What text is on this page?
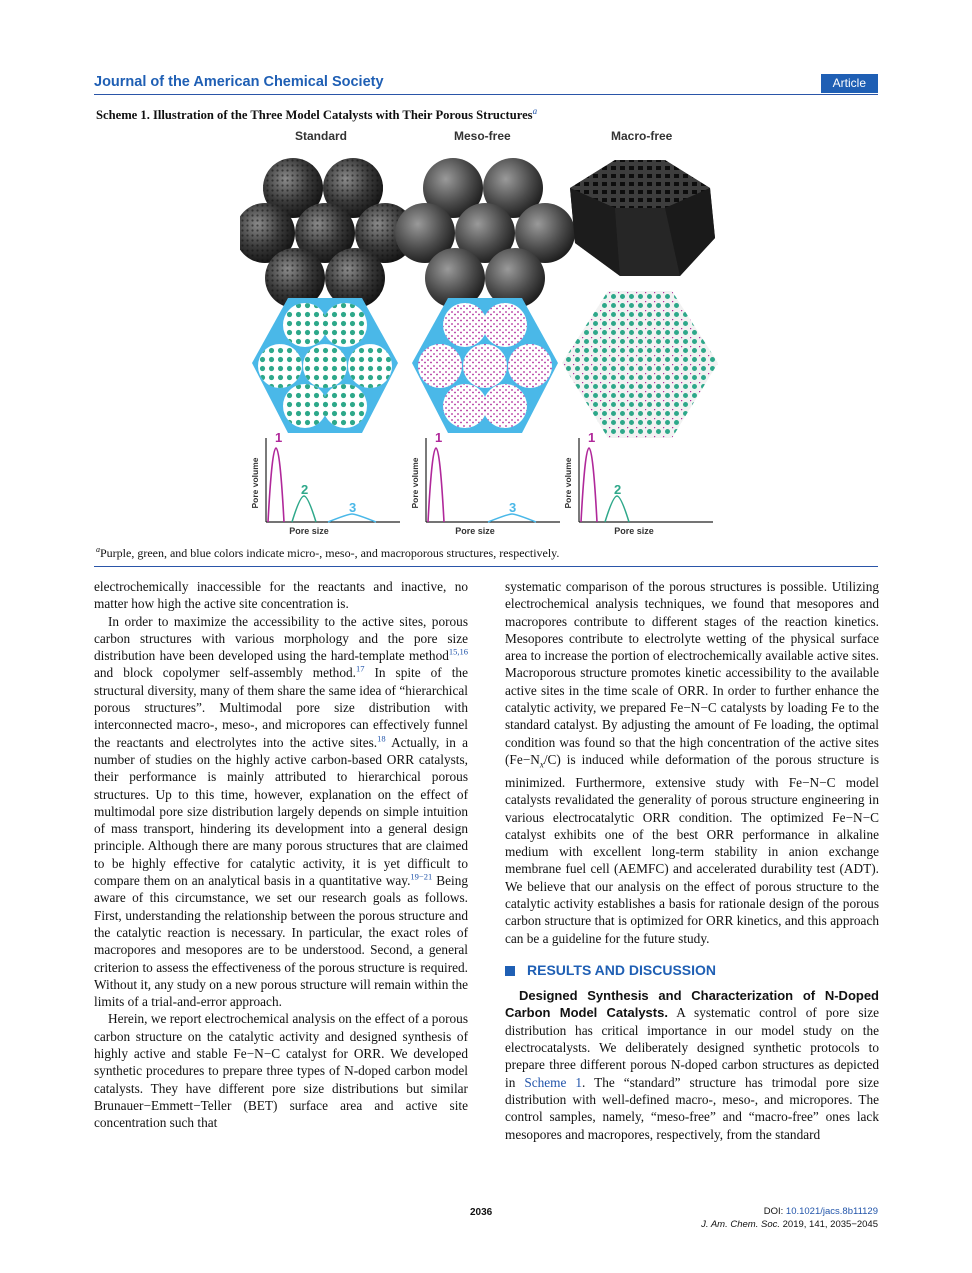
Journal of the American Chemical Society	Article
Scheme 1. Illustration of the Three Model Catalysts with Their Porous Structures$^a$
Standard	Meso-free	Macro-free
Pore volume	Pore volume	Pore volume
Pore size	Pore size	Pore size
1
2
3
1
3
1
2
$^a$Purple, green, and blue colors indicate micro-, meso-, and macroporous structures, respectively.

electrochemically inaccessible for the reactants and inactive, no matter how high the active site concentration is.

In order to maximize the accessibility to the active sites, porous carbon structures with various morphology and the pore size distribution have been developed using the hard-template method$^{15,16}$ and block copolymer self-assembly method.$^{17}$ In spite of the structural diversity, many of them share the same idea of “hierarchical porous structures”. Multimodal pore size distribution with interconnected macro-, meso-, and micropores can effectively funnel the reactants and electrolytes into the active sites.$^{18}$ Actually, in a number of studies on the highly active carbon-based ORR catalysts, their performance is mainly attributed to hierarchical porous structures. Up to this time, however, explanation on the effect of multimodal pore size distribution largely depends on simple intuition of mass transport, hindering its development into a general design principle. Although there are many porous structures that are claimed to be highly effective for catalytic activity, it is yet difficult to compare them on an analytical basis in a quantitative way.$^{19-21}$ Being aware of this circumstance, we set our research goals as follows. First, understanding the relationship between the porous structure and the catalytic reaction is necessary. In particular, the exact roles of macropores and mesopores are to be understood. Second, a general criterion to assess the effectiveness of the porous structure is required. Without it, any study on a new porous structure will remain within the limits of a trial-and-error approach.

Herein, we report electrochemical analysis on the effect of a porous carbon structure on the catalytic activity and designed synthesis of highly active and stable Fe−N−C catalyst for ORR. We developed synthetic procedures to prepare three types of N-doped carbon model catalysts. They have different pore size distributions but similar Brunauer−Emmett−Teller (BET) surface area and active site concentration such that

systematic comparison of the porous structures is possible. Utilizing electrochemical analysis techniques, we found that mesopores and macropores contribute to different stages of the reaction kinetics. Mesopores contribute to electrolyte wetting of the physical surface area to increase the portion of electrochemically available active sites. Macroporous structure promotes kinetic accessibility to the available active sites in the time scale of ORR. In order to further enhance the catalytic activity, we prepared Fe−N−C catalysts by loading Fe to the standard catalyst. By adjusting the amount of Fe loading, the optimal condition was found so that the high concentration of the active sites $(Fe-N_x/C)$ is induced while deformation of the porous structure is minimized. Furthermore, extensive study with Fe−N−C model catalysts revalidated the generality of porous structure engineering in various electrocatalytic ORR condition. The optimized Fe−N−C catalyst exhibits one of the best ORR performance in alkaline medium with excellent long-term stability in anion exchange membrane fuel cell (AEMFC) and accelerated durability test (ADT). We believe that our analysis on the effect of porous structure to the catalytic activity establishes a basis for rationale design of the porous carbon structure that is optimized for ORR kinetics, and this approach can be a guideline for the future study.

RESULTS AND DISCUSSION

Designed Synthesis and Characterization of N-Doped Carbon Model Catalysts. A systematic control of pore size distribution has critical importance in our model study on the electrocatalysts. We deliberately designed synthetic protocols to prepare three different porous N-doped carbon structures as depicted in Scheme 1. The “standard” structure has trimodal pore size distribution with well-defined macro-, meso-, and micropores. The control samples, namely, “meso-free” and “macro-free” ones lack mesopores and macropores, respectively, from the standard

2036	DOI: 10.1021/jacs.8b11129
J. Am. Chem. Soc. 2019, 141, 2035−2045
